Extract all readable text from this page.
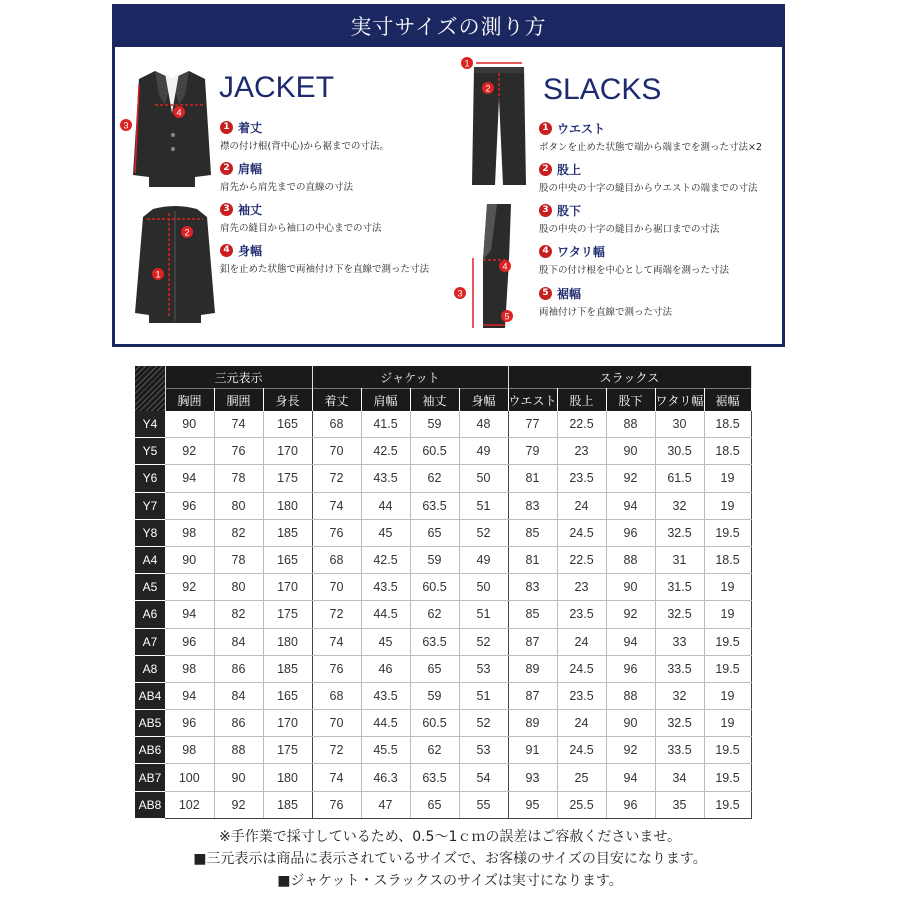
実寸サイズの測り方
4
3
2
1
JACKET
1 着丈
襟の付け根(背中心)から裾までの寸法。
2 肩幅
肩先から肩先までの直線の寸法
3 袖丈
肩先の縫目から袖口の中心までの寸法
4 身幅
釦を止めた状態で両袖付け下を直線で測った寸法
1
2
4
3
5
SLACKS
1 ウエスト
ボタンを止めた状態で端から端までを測った寸法×2
2 股上
股の中央の十字の縫目からウエストの端までの寸法
3 股下
股の中央の十字の縫目から裾口までの寸法
4 ワタリ幅
股下の付け根を中心として両端を測った寸法
5 裾幅
両袖付け下を直線で測った寸法
	三元表示			ジャケット				スラックス				
	胸囲	胴囲	身長	着丈	肩幅	袖丈	身幅	ウエスト	股上	股下	ワタリ幅	裾幅
Y4	90	74	165	68	41.5	59	48	77	22.5	88	30	18.5
Y5	92	76	170	70	42.5	60.5	49	79	23	90	30.5	18.5
Y6	94	78	175	72	43.5	62	50	81	23.5	92	61.5	19
Y7	96	80	180	74	44	63.5	51	83	24	94	32	19
Y8	98	82	185	76	45	65	52	85	24.5	96	32.5	19.5
A4	90	78	165	68	42.5	59	49	81	22.5	88	31	18.5
A5	92	80	170	70	43.5	60.5	50	83	23	90	31.5	19
A6	94	82	175	72	44.5	62	51	85	23.5	92	32.5	19
A7	96	84	180	74	45	63.5	52	87	24	94	33	19.5
A8	98	86	185	76	46	65	53	89	24.5	96	33.5	19.5
AB4	94	84	165	68	43.5	59	51	87	23.5	88	32	19
AB5	96	86	170	70	44.5	60.5	52	89	24	90	32.5	19
AB6	98	88	175	72	45.5	62	53	91	24.5	92	33.5	19.5
AB7	100	90	180	74	46.3	63.5	54	93	25	94	34	19.5
AB8	102	92	185	76	47	65	55	95	25.5	96	35	19.5
※手作業で採寸しているため、0.5〜1ｃｍの誤差はご容赦くださいませ。
■三元表示は商品に表示されているサイズで、お客様のサイズの目安になります。
■ジャケット・スラックスのサイズは実寸になります。
